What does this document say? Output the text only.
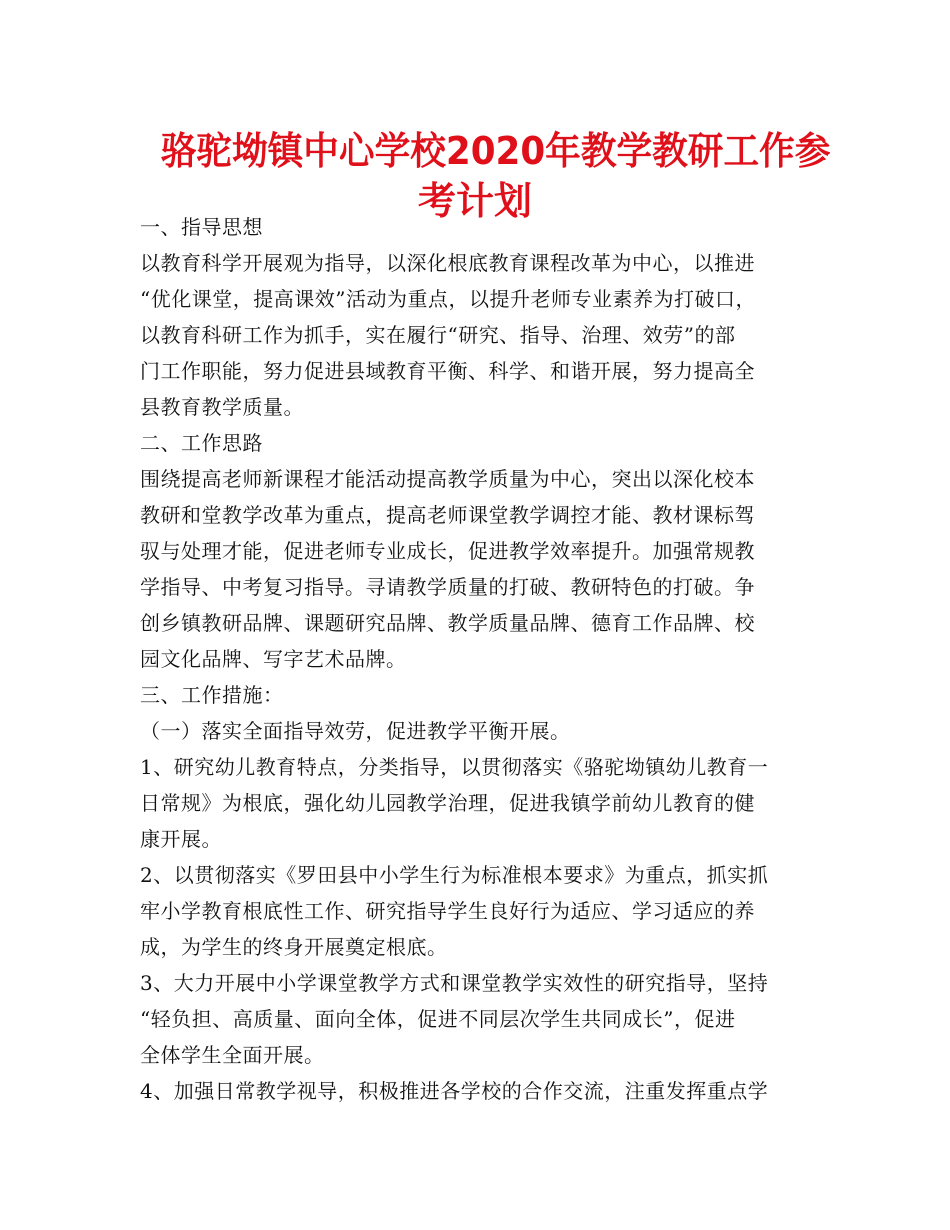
骆驼坳镇中心学校2020年教学教研工作参
考计划
一、指导思想
以教育科学开展观为指导，以深化根底教育课程改革为中心，以推进
“优化课堂，提高课效”活动为重点，以提升老师专业素养为打破口，
以教育科研工作为抓手，实在履行“研究、指导、治理、效劳”的部
门工作职能，努力促进县域教育平衡、科学、和谐开展，努力提高全
县教育教学质量。
二、工作思路
围绕提高老师新课程才能活动提高教学质量为中心，突出以深化校本
教研和堂教学改革为重点，提高老师课堂教学调控才能、教材课标驾
驭与处理才能，促进老师专业成长，促进教学效率提升。加强常规教
学指导、中考复习指导。寻请教学质量的打破、教研特色的打破。争
创乡镇教研品牌、课题研究品牌、教学质量品牌、德育工作品牌、校
园文化品牌、写字艺术品牌。
三、工作措施：
（一）落实全面指导效劳，促进教学平衡开展。
1、研究幼儿教育特点，分类指导，以贯彻落实《骆驼坳镇幼儿教育一
日常规》为根底，强化幼儿园教学治理，促进我镇学前幼儿教育的健
康开展。
2、以贯彻落实《罗田县中小学生行为标准根本要求》为重点，抓实抓
牢小学教育根底性工作、研究指导学生良好行为适应、学习适应的养
成，为学生的终身开展奠定根底。
3、大力开展中小学课堂教学方式和课堂教学实效性的研究指导，坚持
“轻负担、高质量、面向全体，促进不同层次学生共同成长”，促进
全体学生全面开展。
4、加强日常教学视导，积极推进各学校的合作交流，注重发挥重点学
